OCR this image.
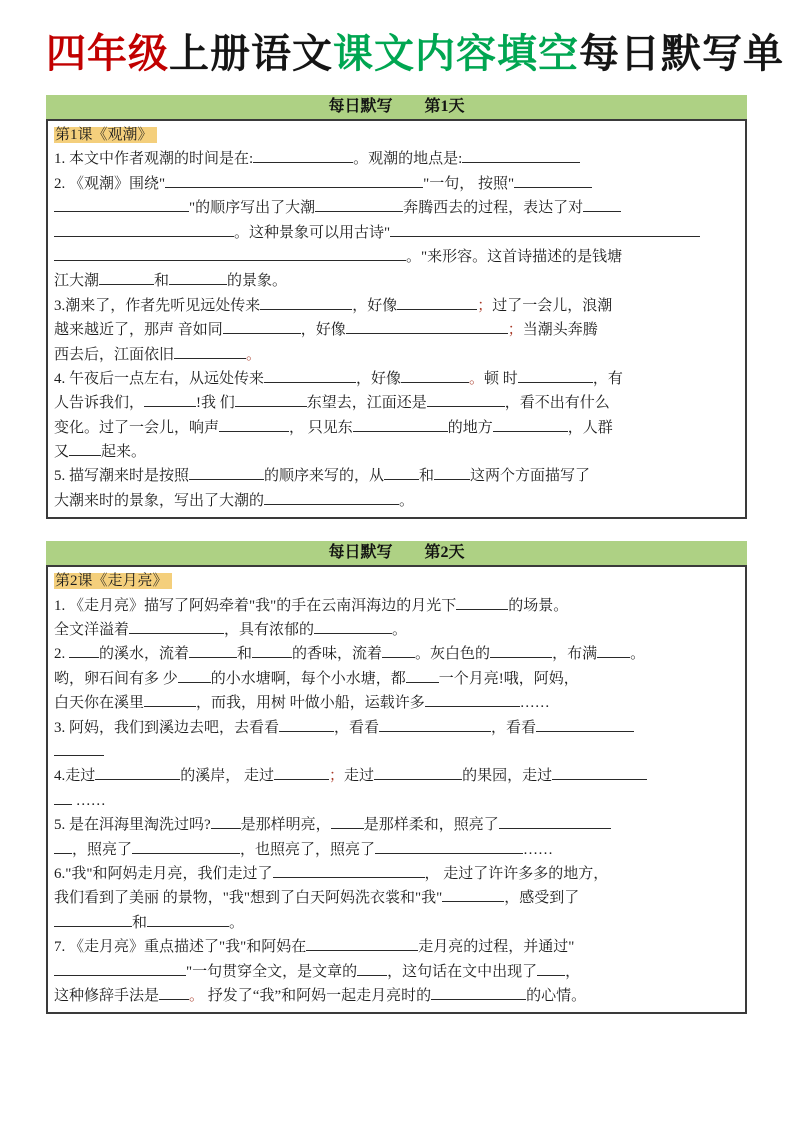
四年级上册语文课文内容填空每日默写单
每日默写　　第1天
第1课《观潮》
1. 本文中作者观潮的时间是在:	。观潮的地点是:
2. 《观潮》围绕"	"一句， 按照"
"的顺序写出了大潮	奔腾西去的过程，表达了对
。这种景象可以用古诗"
。"来形容。这首诗描述的是钱塘
江大潮	和	的景象。
3.潮来了，作者先听见远处传来	，好像	；过了一会儿，浪潮
越来越近了，那声 音如同	，好像	；当潮头奔腾
西去后，江面依旧	。
4. 午夜后一点左右，从远处传来	，好像	。顿 时	，有
人告诉我们，	!我 们	东望去，江面还是	，看不出有什么
变化。过了一会儿，响声	， 只见东	的地方	，人群
又 起来。
5. 描写潮来时是按照	的顺序来写的，从 和 这两个方面描写了
大潮来时的景象，写出了大潮的	。
每日默写　　第2天
第2课《走月亮》
1. 《走月亮》描写了阿妈牵着"我"的手在云南洱海边的月光下	的场景。
全文洋溢着	，具有浓郁的	。
2. 的溪水，流着	和	的香味，流着 。灰白色的	，布满 。
哟，卵石间有多 少 的小水塘啊，每个小水塘，都 一个月亮!哦，阿妈，
白天你在溪里	，而我，用树 叶做小船，运载许多	……
3. 阿妈，我们到溪边去吧，去看看	，看看	，看看
4.走过	的溪岸， 走过	；走过	的果园，走过
……
5. 是在洱海里淘洗过吗? 是那样明亮， 是那样柔和，照亮了
，照亮了	，也照亮了，照亮了	……
6."我"和阿妈走月亮，我们走过了	， 走过了许许多多的地方，
我们看到了美丽 的景物，"我"想到了白天阿妈洗衣裳和"我"	，感受到了
和	。
7. 《走月亮》重点描述了"我"和阿妈在	走月亮的过程，并通过"
"一句贯穿全文，是文章的 ，这句话在文中出现了 ，
这种修辞手法是 。 抒发了“我”和阿妈一起走月亮时的	的心情。
